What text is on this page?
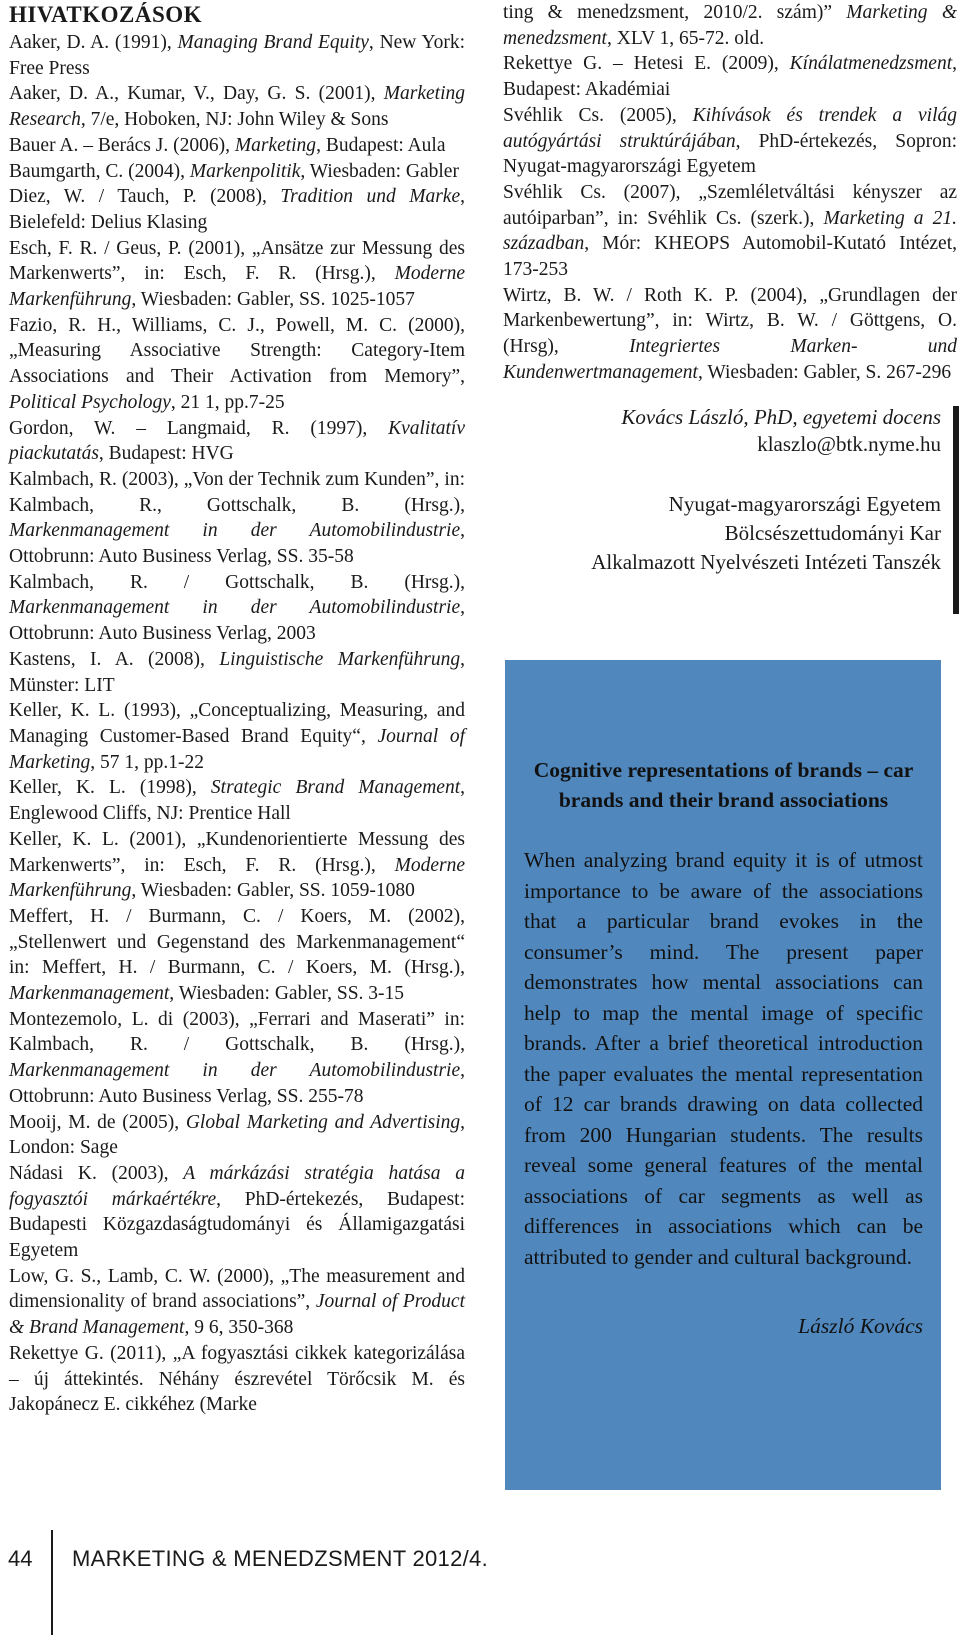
HIVATKOZÁSOK
Aaker, D. A. (1991), Managing Brand Equity, New York: Free Press
Aaker, D. A., Kumar, V., Day, G. S. (2001), Marketing Research, 7/e, Hoboken, NJ: John Wiley & Sons
Bauer A. – Berács J. (2006), Marketing, Budapest: Aula
Baumgarth, C. (2004), Markenpolitik, Wiesbaden: Gabler
Diez, W. / Tauch, P. (2008), Tradition und Marke, Bielefeld: Delius Klasing
Esch, F. R. / Geus, P. (2001), „Ansätze zur Messung des Markenwerts”, in: Esch, F. R. (Hrsg.), Moderne Markenführung, Wiesbaden: Gabler, SS. 1025-1057
Fazio, R. H., Williams, C. J., Powell, M. C. (2000), „Measuring Associative Strength: Category-Item Associations and Their Activation from Memory”, Political Psychology, 21 1, pp.7-25
Gordon, W. – Langmaid, R. (1997), Kvalitatív piackutatás, Budapest: HVG
Kalmbach, R. (2003), „Von der Technik zum Kunden”, in: Kalmbach, R., Gottschalk, B. (Hrsg.), Markenmanagement in der Automobilindustrie, Ottobrunn: Auto Business Verlag, SS. 35-58
Kalmbach, R. / Gottschalk, B. (Hrsg.), Markenmanagement in der Automobilindustrie, Ottobrunn: Auto Business Verlag, 2003
Kastens, I. A. (2008), Linguistische Markenführung, Münster: LIT
Keller, K. L. (1993), „Conceptualizing, Measuring, and Managing Customer-Based Brand Equity“, Journal of Marketing, 57 1, pp.1-22
Keller, K. L. (1998), Strategic Brand Management, Englewood Cliffs, NJ: Prentice Hall
Keller, K. L. (2001), „Kundenorientierte Messung des Markenwerts”, in: Esch, F. R. (Hrsg.), Moderne Markenführung, Wiesbaden: Gabler, SS. 1059-1080
Meffert, H. / Burmann, C. / Koers, M. (2002), „Stellenwert und Gegenstand des Markenmanagement“ in: Meffert, H. / Burmann, C. / Koers, M. (Hrsg.), Markenmanagement, Wiesbaden: Gabler, SS. 3-15
Montezemolo, L. di (2003), „Ferrari and Maserati” in: Kalmbach, R. / Gottschalk, B. (Hrsg.), Markenmanagement in der Automobilindustrie, Ottobrunn: Auto Business Verlag, SS. 255-78
Mooij, M. de (2005), Global Marketing and Advertising, London: Sage
Nádasi K. (2003), A márkázási stratégia hatása a fogyasztói márkaértékre, PhD-értekezés, Budapest: Budapesti Közgazdaságtudományi és Államigazgatási Egyetem
Low, G. S., Lamb, C. W. (2000), „The measurement and dimensionality of brand associations”, Journal of Product & Brand Management, 9 6, 350-368
Rekettye G. (2011), „A fogyasztási cikkek kategorizálása – új áttekintés. Néhány észrevétel Törőcsik M. és Jakopánecz E. cikkéhez (Marke
ting & menedzsment, 2010/2. szám)” Marketing & menedzsment, XLV 1, 65-72. old.
Rekettye G. – Hetesi E. (2009), Kínálatmenedzsment, Budapest: Akadémiai
Svéhlik Cs. (2005), Kihívások és trendek a világ autógyártási struktúrájában, PhD-értekezés, Sopron: Nyugat-magyarországi Egyetem
Svéhlik Cs. (2007), „Szemléletváltási kényszer az autóiparban”, in: Svéhlik Cs. (szerk.), Marketing a 21. században, Mór: KHEOPS Automobil-Kutató Intézet, 173-253
Wirtz, B. W. / Roth K. P. (2004), „Grundlagen der Markenbewertung”, in: Wirtz, B. W. / Göttgens, O. (Hrsg), Integriertes Marken- und Kundenwertmanagement, Wiesbaden: Gabler, S. 267-296
Kovács László, PhD, egyetemi docens
klaszlo@btk.nyme.hu
Nyugat-magyarországi Egyetem
Bölcsészettudományi Kar
Alkalmazott Nyelvészeti Intézeti Tanszék
Cognitive representations of brands – car brands and their brand associations
When analyzing brand equity it is of utmost importance to be aware of the associations that a particular brand evokes in the consumer’s mind. The present paper demonstrates how mental associations can help to map the mental image of specific brands. After a brief theoretical introduction the paper evaluates the mental representation of 12 car brands drawing on data collected from 200 Hungarian students. The results reveal some general features of the mental associations of car segments as well as differences in associations which can be attributed to gender and cultural background.
László Kovács
44 MARKETING & MENEDZSMENT 2012/4.
